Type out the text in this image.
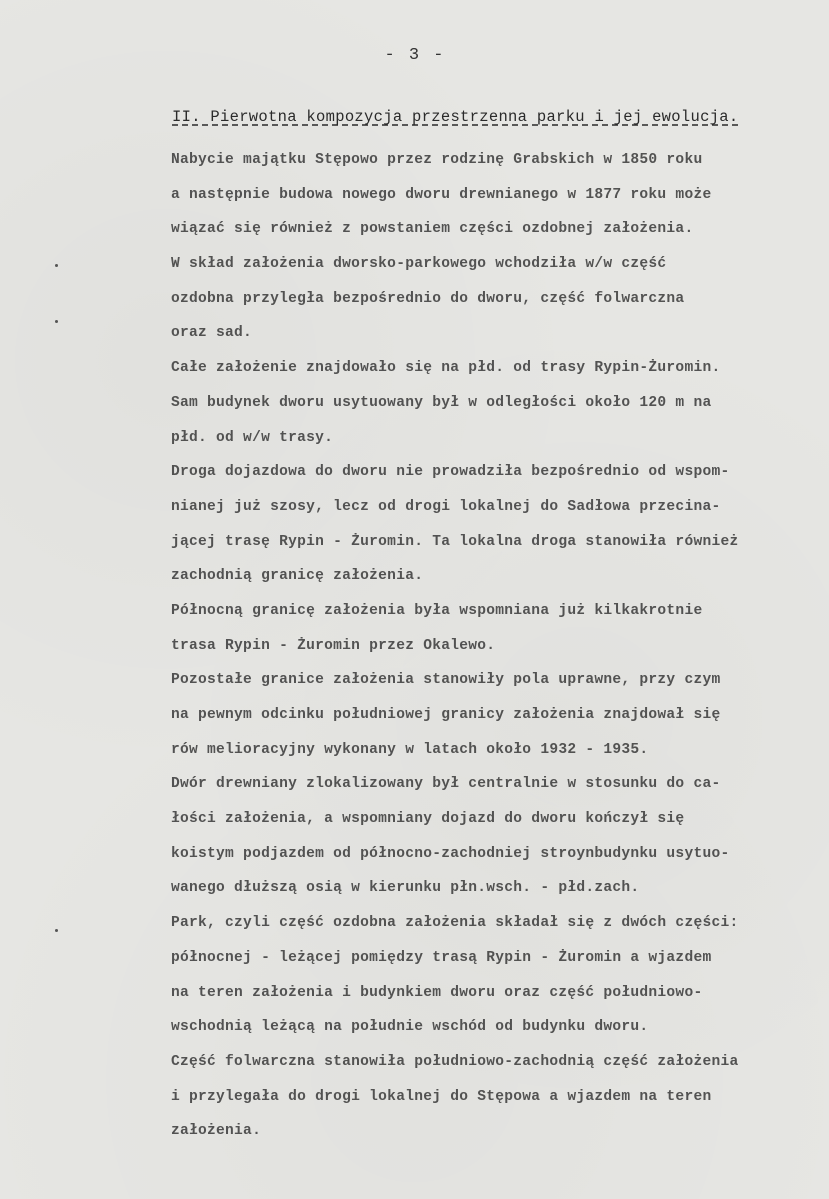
- 3 -
II. Pierwotna kompozycja przestrzenna parku i jej ewolucja.
Nabycie majątku Stępowo przez rodzinę Grabskich w 1850 roku
a następnie budowa nowego dworu drewnianego w 1877 roku może
wiązać się również z powstaniem części ozdobnej założenia.
W skład założenia dworsko-parkowego wchodziła w/w część
ozdobna przyległa bezpośrednio do dworu, część folwarczna
oraz sad.
Całe założenie znajdowało się na płd. od trasy Rypin-Żuromin.
Sam budynek dworu usytuowany był w odległości około 120 m na
płd. od w/w trasy.
Droga dojazdowa do dworu nie prowadziła bezpośrednio od wspom-
nianej już szosy, lecz od drogi lokalnej do Sadłowa przecina-
jącej trasę Rypin - Żuromin. Ta lokalna droga stanowiła również
zachodnią granicę założenia.
Północną granicę założenia była wspomniana już kilkakrotnie
trasa Rypin - Żuromin przez Okalewo.
Pozostałe granice założenia stanowiły pola uprawne, przy czym
na pewnym odcinku południowej granicy założenia znajdował się
rów melioracyjny wykonany w latach około 1932 - 1935.
Dwór drewniany zlokalizowany był centralnie w stosunku do ca-
łości założenia, a wspomniany dojazd do dworu kończył się
koistym podjazdem od północno-zachodniej stroynbudynku usytuo-
wanego dłuższą osią w kierunku płn.wsch. - płd.zach.
Park, czyli część ozdobna założenia składał się z dwóch części:
północnej - leżącej pomiędzy trasą Rypin - Żuromin a wjazdem
na teren założenia i budynkiem dworu oraz część południowo-
wschodnią leżącą na południe wschód od budynku dworu.
Część folwarczna stanowiła południowo-zachodnią część założenia
i przylegała do drogi lokalnej do Stępowa a wjazdem na teren
założenia.
